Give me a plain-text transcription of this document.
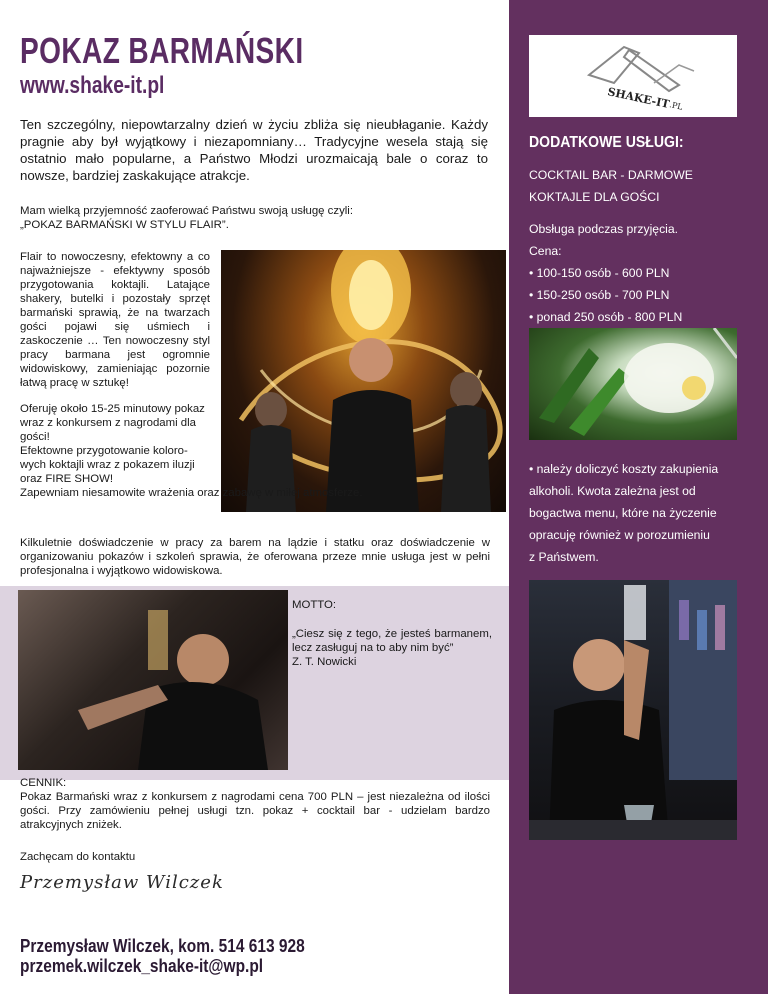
POKAZ BARMAŃSKI
www.shake-it.pl
Ten szczególny, niepowtarzalny dzień w życiu zbliża się nieubłaganie. Każdy pragnie aby był wyjątkowy i niezapomniany… Tradycyjne wesela stają się ostatnio mało popularne, a Państwo Młodzi urozmaicają bale o coraz to nowsze, bardziej zaskakujące atrakcje.
Mam wielką przyjemność zaoferować Państwu swoją usługę czyli:
„POKAZ BARMAŃSKI W STYLU FLAIR”.
Flair to nowoczesny, efektowny a co najważniejsze - efektywny sposób przygotowania koktajli. Latające shakery, butelki i pozostały sprzęt barmański sprawią, że na twarzach gości pojawi się uśmiech i zaskoczenie … Ten nowoczesny styl pracy barmana jest ogromnie widowiskowy, zamieniając pozornie łatwą pracę w sztukę!
Oferuję około 15-25 minutowy pokaz
wraz z konkursem z nagrodami dla
gości!
Efektowne przygotowanie koloro-
wych koktajli wraz z pokazem iluzji
oraz FIRE SHOW!
Zapewniam niesamowite wrażenia oraz zabawę w miłej atmosferze.
Kilkuletnie doświadczenie w pracy za barem na lądzie i statku oraz doświadczenie w organizowaniu pokazów i szkoleń sprawia, że oferowana przeze mnie usługa jest w pełni profesjonalna i wyjątkowo widowiskowa.
MOTTO:
„Ciesz się z tego, że jesteś barmanem, lecz zasługuj na to aby nim być”
Z. T. Nowicki
CENNIK:
Pokaz Barmański wraz z konkursem z nagrodami cena 700 PLN – jest niezależna od ilości gości. Przy zamówieniu pełnej usługi tzn. pokaz + cocktail bar - udzielam bardzo atrakcyjnych zniżek.
Zachęcam do kontaktu
Przemysław Wilczek
Przemysław Wilczek, kom. 514 613 928
przemek.wilczek_shake-it@wp.pl
SHAKE-IT
.PL
DODATKOWE USŁUGI:
COCKTAIL BAR - DARMOWE
KOKTAJLE DLA GOŚCI
Obsługa podczas przyjęcia.
Cena:
• 100-150 osób - 600 PLN
• 150-250 osób - 700 PLN
• ponad 250 osób - 800 PLN
• należy doliczyć koszty zakupienia
alkoholi. Kwota zależna jest od
bogactwa menu, które na życzenie
opracuję również w porozumieniu
z Państwem.
